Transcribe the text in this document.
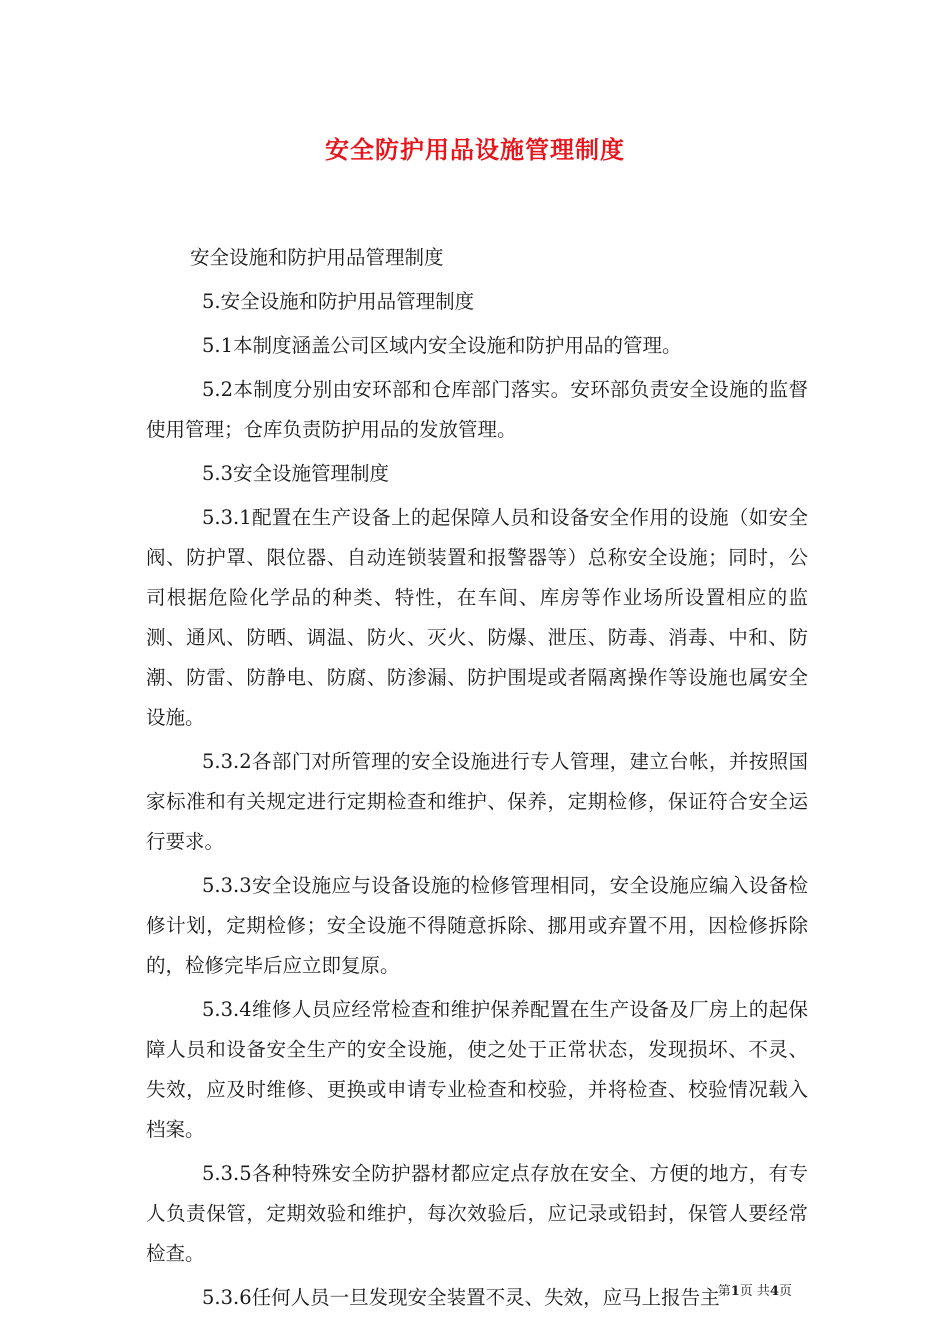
安全防护用品设施管理制度

安全设施和防护用品管理制度

5.安全设施和防护用品管理制度

5.1本制度涵盖公司区域内安全设施和防护用品的管理。

5.2本制度分别由安环部和仓库部门落实。安环部负责安全设施的监督使用管理；仓库负责防护用品的发放管理。

5.3安全设施管理制度

5.3.1配置在生产设备上的起保障人员和设备安全作用的设施（如安全阀、防护罩、限位器、自动连锁装置和报警器等）总称安全设施；同时，公司根据危险化学品的种类、特性，在车间、库房等作业场所设置相应的监测、通风、防晒、调温、防火、灭火、防爆、泄压、防毒、消毒、中和、防潮、防雷、防静电、防腐、防渗漏、防护围堤或者隔离操作等设施也属安全设施。

5.3.2各部门对所管理的安全设施进行专人管理，建立台帐，并按照国家标准和有关规定进行定期检查和维护、保养，定期检修，保证符合安全运行要求。

5.3.3安全设施应与设备设施的检修管理相同，安全设施应编入设备检修计划，定期检修；安全设施不得随意拆除、挪用或弃置不用，因检修拆除的，检修完毕后应立即复原。

5.3.4维修人员应经常检查和维护保养配置在生产设备及厂房上的起保障人员和设备安全生产的安全设施，使之处于正常状态，发现损坏、不灵、失效，应及时维修、更换或申请专业检查和校验，并将检查、校验情况载入档案。

5.3.5各种特殊安全防护器材都应定点存放在安全、方便的地方，有专人负责保管，定期效验和维护，每次效验后，应记录或铅封，保管人要经常检查。

5.3.6任何人员一旦发现安全装置不灵、失效，应马上报告主

第1页 共4页
